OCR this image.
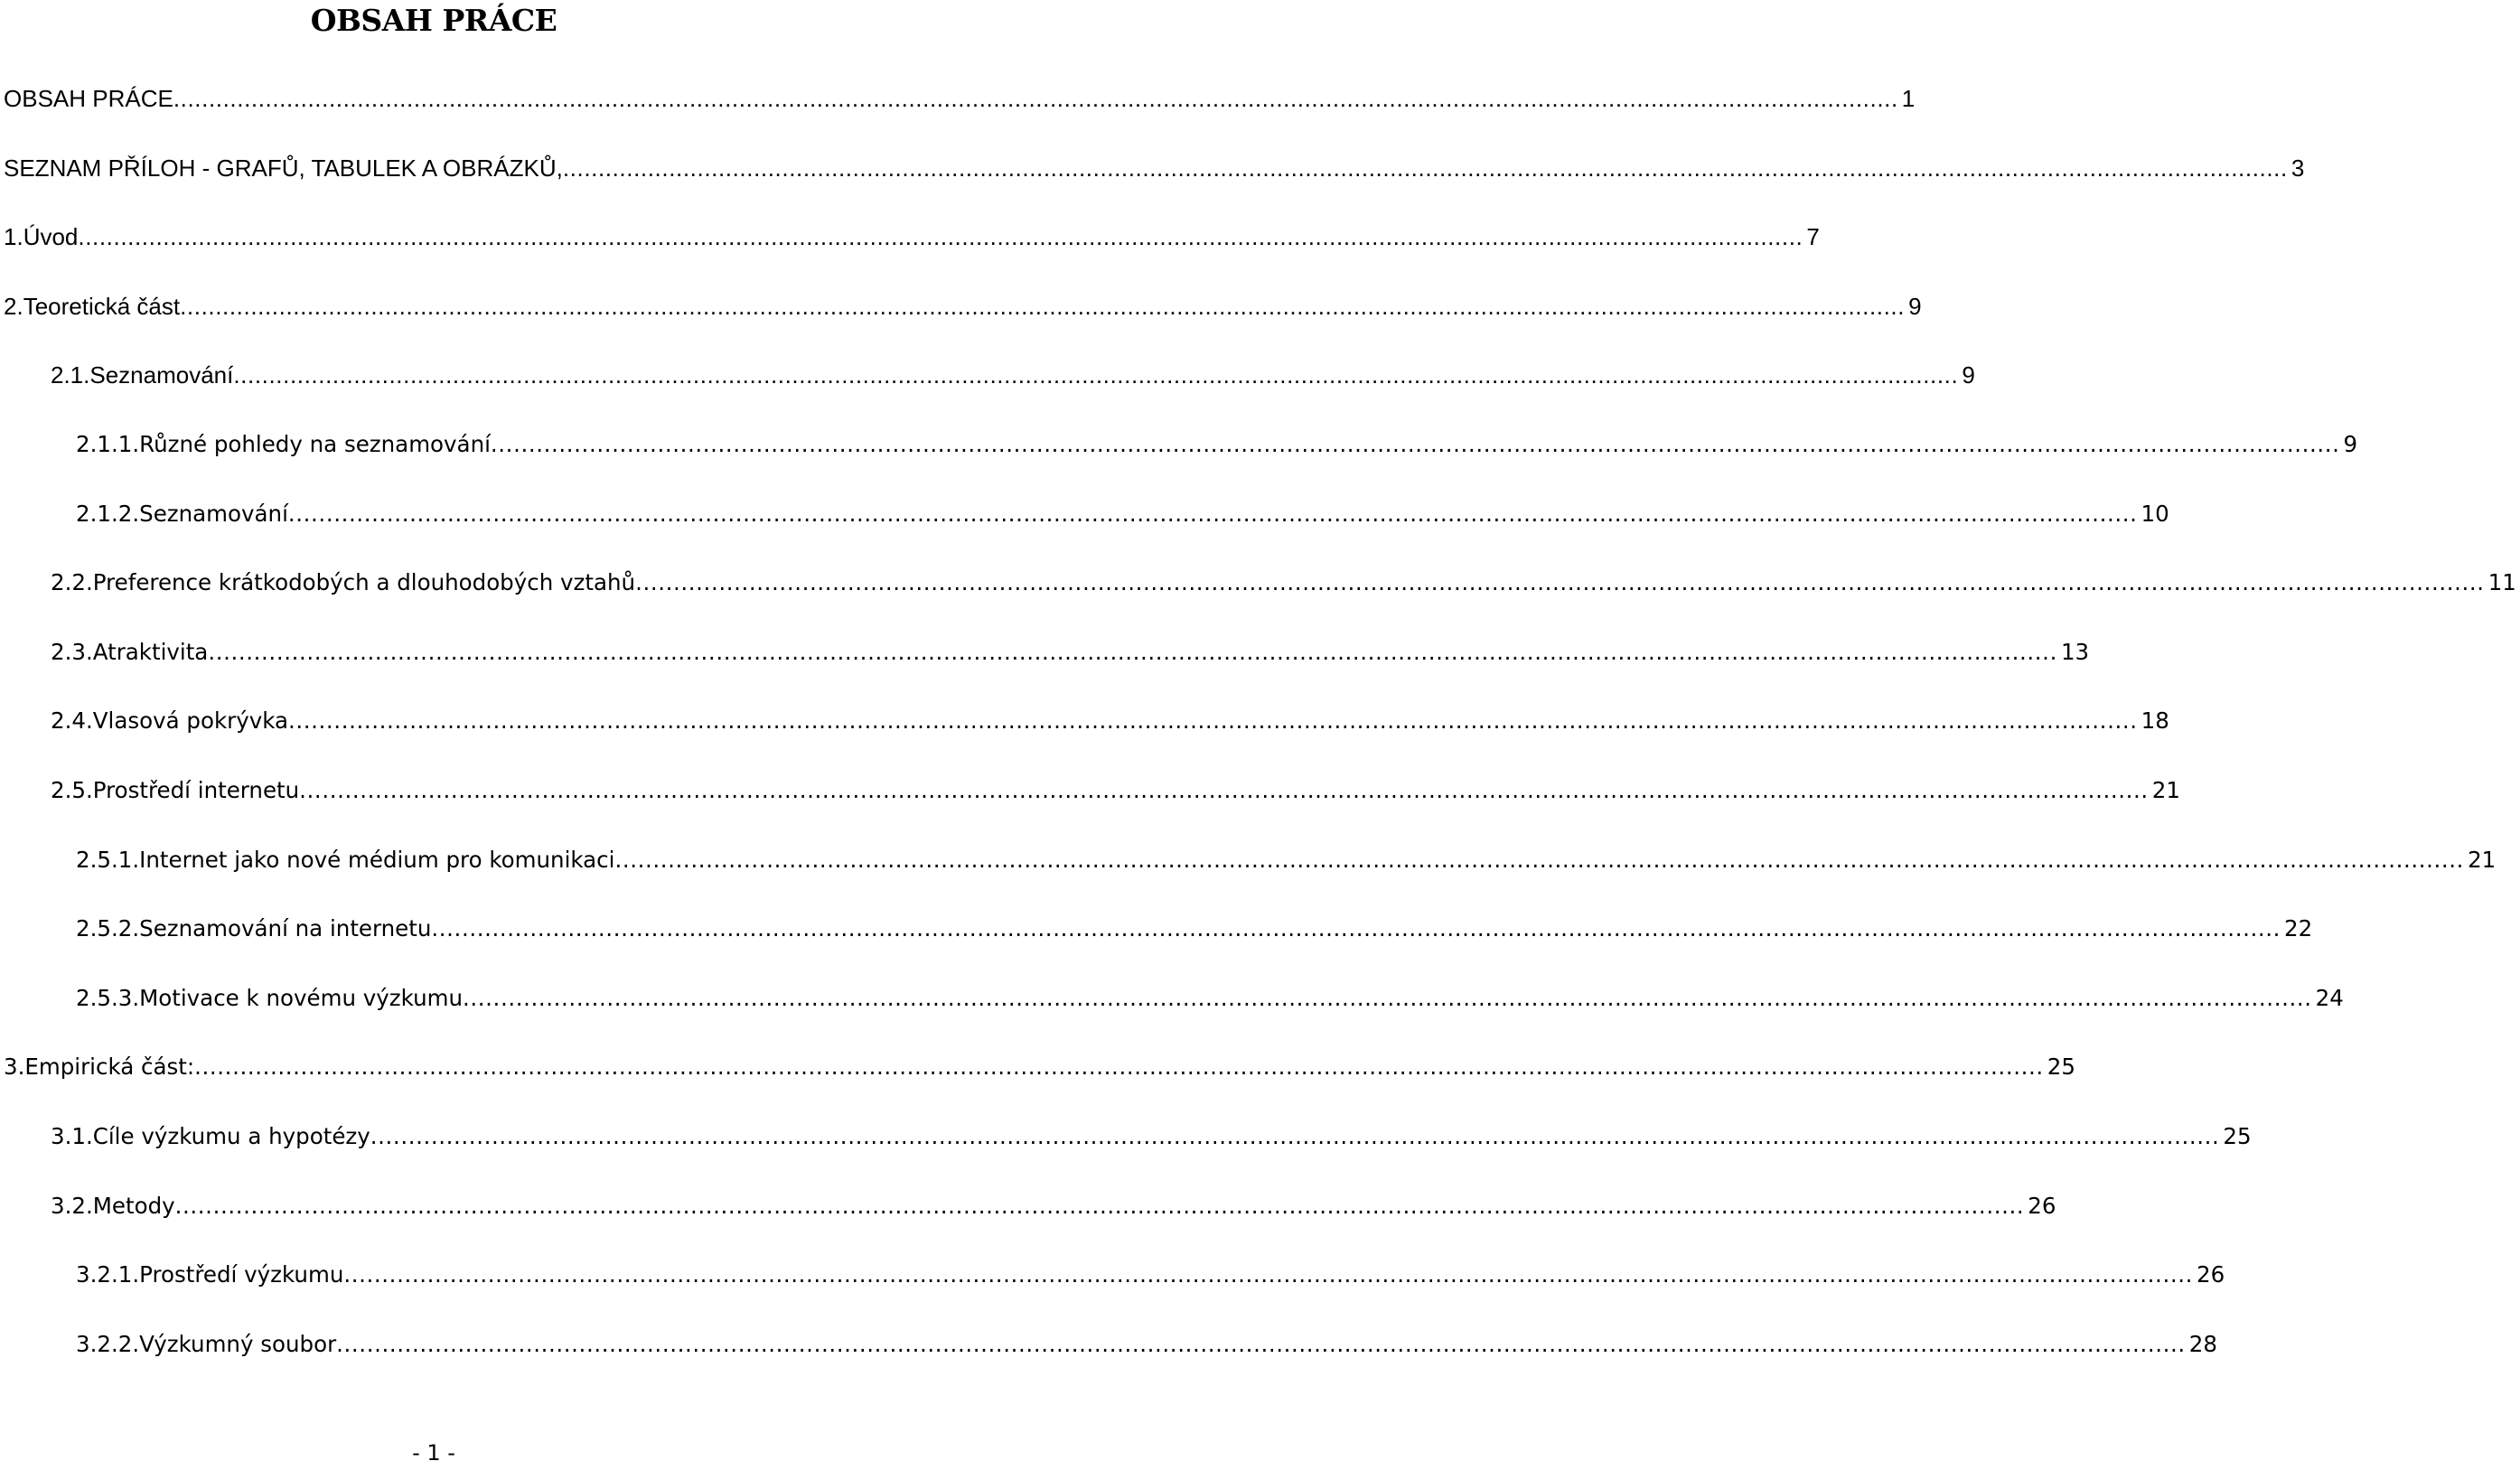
OBSAH PRÁCE
OBSAH PRÁCE .....	1
SEZNAM PŘÍLOH - GRAFŮ, TABULEK A OBRÁZKŮ, .....	3
1. Úvod .....	7
2. Teoretická část .....	9
2.1. Seznamování .....	9
2.1.1. Různé pohledy na seznamování .....	9
2.1.2. Seznamování .....	10
2.2. Preference krátkodobých a dlouhodobých vztahů .....	11
2.3. Atraktivita .....	13
2.4. Vlasová pokrývka .....	18
2.5. Prostředí internetu .....	21
2.5.1. Internet jako nové médium pro komunikaci .....	21
2.5.2. Seznamování na internetu .....	22
2.5.3. Motivace k novému výzkumu .....	24
3. Empirická část: .....	25
3.1. Cíle výzkumu a hypotézy .....	25
3.2. Metody .....	26
3.2.1. Prostředí výzkumu .....	26
3.2.2. Výzkumný soubor .....	28
- 1 -
